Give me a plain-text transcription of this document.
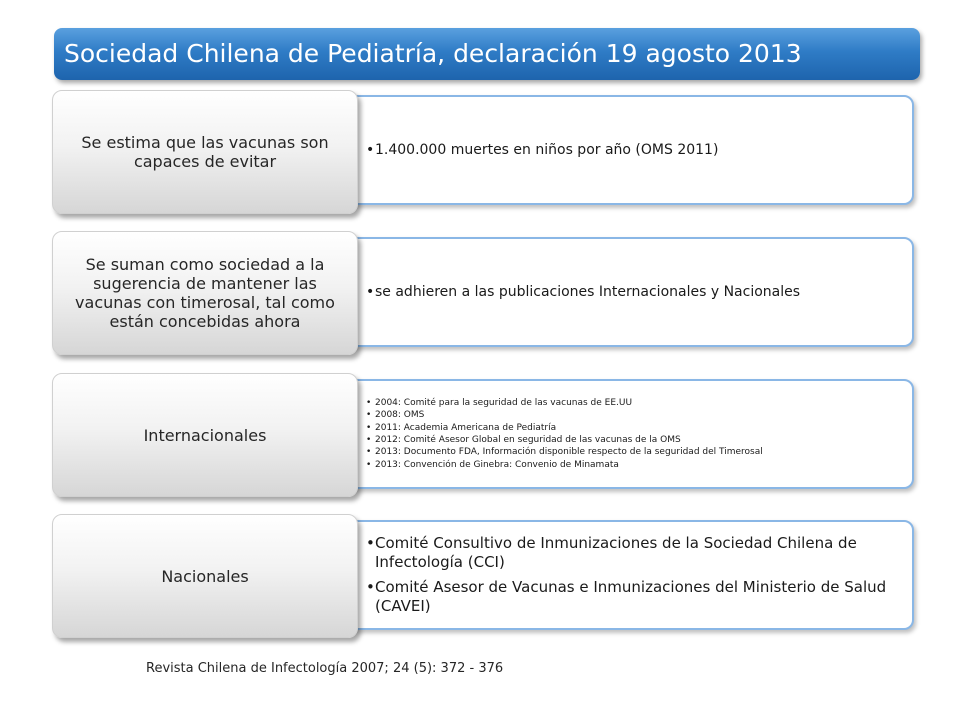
Sociedad Chilena de Pediatría, declaración 19 agosto 2013
• 1.400.000 muertes en niños por año (OMS 2011)
Se estima que las vacunas son capaces de evitar
• se adhieren a las publicaciones Internacionales y Nacionales
Se suman como sociedad a la sugerencia de mantener las vacunas con timerosal, tal como están concebidas ahora
• 2004: Comité para la seguridad de las vacunas de EE.UU
• 2008: OMS
• 2011: Academia Americana de Pediatría
• 2012: Comité Asesor Global en seguridad de las vacunas de la OMS
• 2013: Documento FDA, Información disponible respecto de la seguridad del Timerosal
• 2013: Convención de Ginebra: Convenio de Minamata
Internacionales
• Comité Consultivo de Inmunizaciones de la Sociedad Chilena de Infectología (CCI)
• Comité Asesor de Vacunas e Inmunizaciones del Ministerio de Salud (CAVEI)
Nacionales
Revista Chilena de Infectología 2007; 24 (5): 372 - 376
